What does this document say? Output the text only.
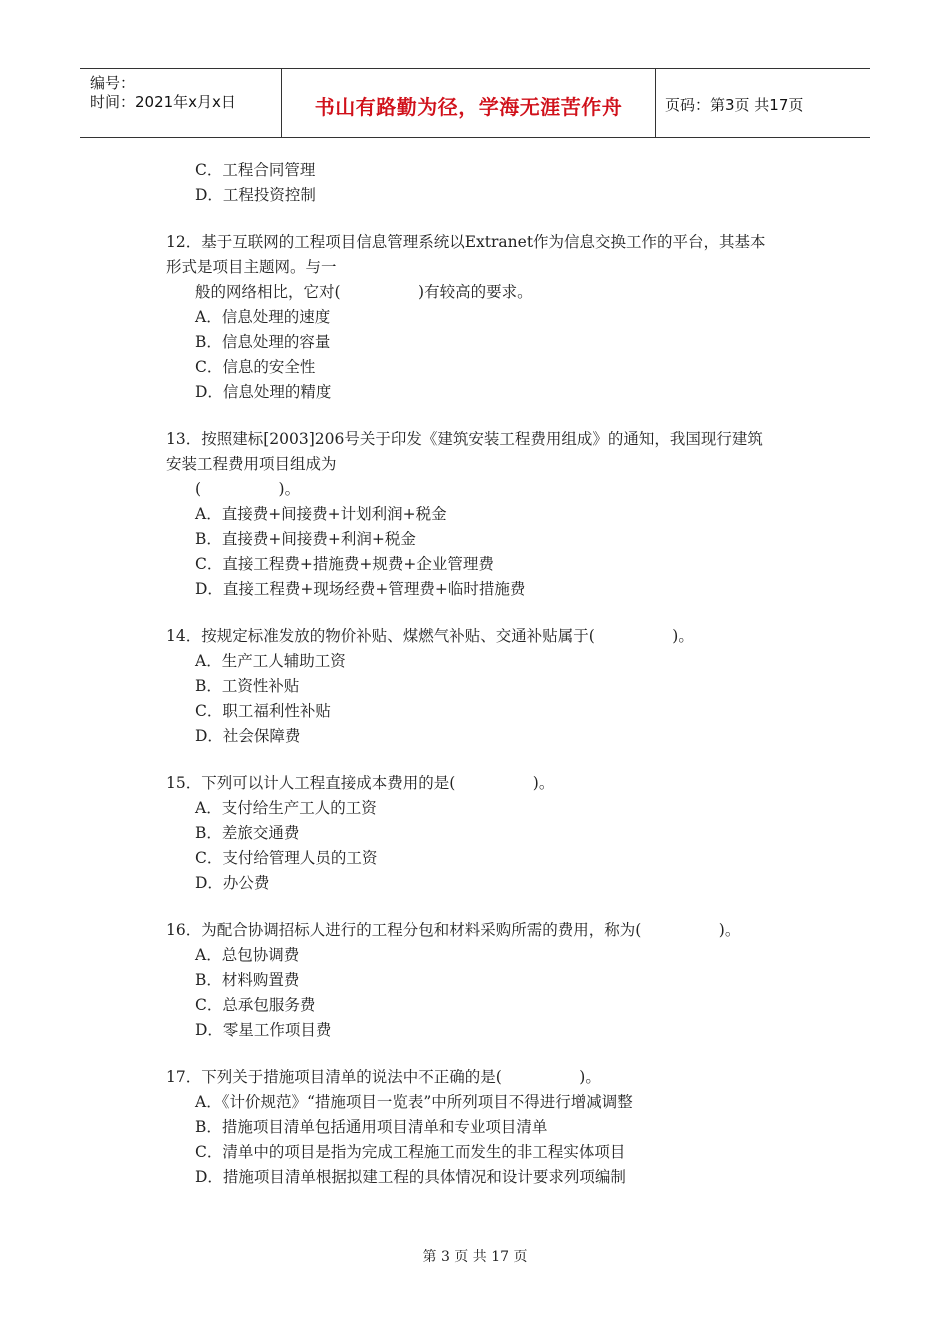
编号：
时间：2021年x月x日	书山有路勤为径，学海无涯苦作舟	页码：第3页 共17页
C．工程合同管理
D．工程投资控制
12．基于互联网的工程项目信息管理系统以Extranet作为信息交换工作的平台，其基本
形式是项目主题网。与一
般的网络相比，它对(　　　　　)有较高的要求。
A．信息处理的速度
B．信息处理的容量
C．信息的安全性
D．信息处理的精度
13．按照建标[2003]206号关于印发《建筑安装工程费用组成》的通知，我国现行建筑
安装工程费用项目组成为
(　　　　　)。
A．直接费+间接费+计划利润+税金
B．直接费+间接费+利润+税金
C．直接工程费+措施费+规费+企业管理费
D．直接工程费+现场经费+管理费+临时措施费
14．按规定标准发放的物价补贴、煤燃气补贴、交通补贴属于(　　　　　)。
A．生产工人辅助工资
B．工资性补贴
C．职工福利性补贴
D．社会保障费
15．下列可以计人工程直接成本费用的是(　　　　　)。
A．支付给生产工人的工资
B．差旅交通费
C．支付给管理人员的工资
D．办公费
16．为配合协调招标人进行的工程分包和材料采购所需的费用，称为(　　　　　)。
A．总包协调费
B．材料购置费
C．总承包服务费
D．零星工作项目费
17．下列关于措施项目清单的说法中不正确的是(　　　　　)。
A．《计价规范》“措施项目一览表”中所列项目不得进行增减调整
B．措施项目清单包括通用项目清单和专业项目清单
C．清单中的项目是指为完成工程施工而发生的非工程实体项目
D．措施项目清单根据拟建工程的具体情况和设计要求列项编制
第 3 页 共 17 页
